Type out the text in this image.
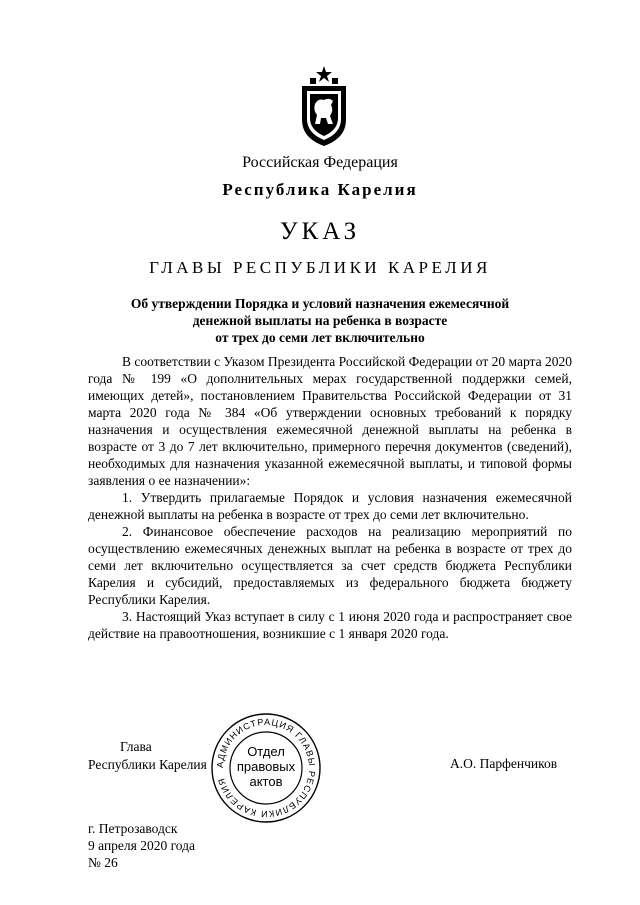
Российская Федерация
Республика Карелия
УКАЗ
ГЛАВЫ РЕСПУБЛИКИ КАРЕЛИЯ
Об утверждении Порядка и условий назначения ежемесячной
денежной выплаты на ребенка в возрасте
от трех до семи лет включительно

В соответствии с Указом Президента Российской Федерации от 20 марта 2020 года № 199 «О дополнительных мерах государственной поддержки семей, имеющих детей», постановлением Правительства Российской Федерации от 31 марта 2020 года № 384 «Об утверждении основных требований к порядку назначения и осуществления ежемесячной денежной выплаты на ребенка в возрасте от 3 до 7 лет включительно, примерного перечня документов (сведений), необходимых для назначения указанной ежемесячной выплаты, и типовой формы заявления о ее назначении»:

1. Утвердить прилагаемые Порядок и условия назначения ежемесячной денежной выплаты на ребенка в возрасте от трех до семи лет включительно.

2. Финансовое обеспечение расходов на реализацию мероприятий по осуществлению ежемесячных денежных выплат на ребенка в возрасте от трех до семи лет включительно осуществляется за счет средств бюджета Республики Карелия и субсидий, предоставляемых из федерального бюджета бюджету Республики Карелия.

3. Настоящий Указ вступает в силу с 1 июня 2020 года и распространяет свое действие на правоотношения, возникшие с 1 января 2020 года.

Глава
Республики Карелия АДМИНИСТРАЦИЯ ГЛАВЫ РЕСПУБЛИКИ КАРЕЛИЯ
Отдел
правовых
актов
А.О. Парфенчиков
г. Петрозаводск
9 апреля 2020 года
№ 26
